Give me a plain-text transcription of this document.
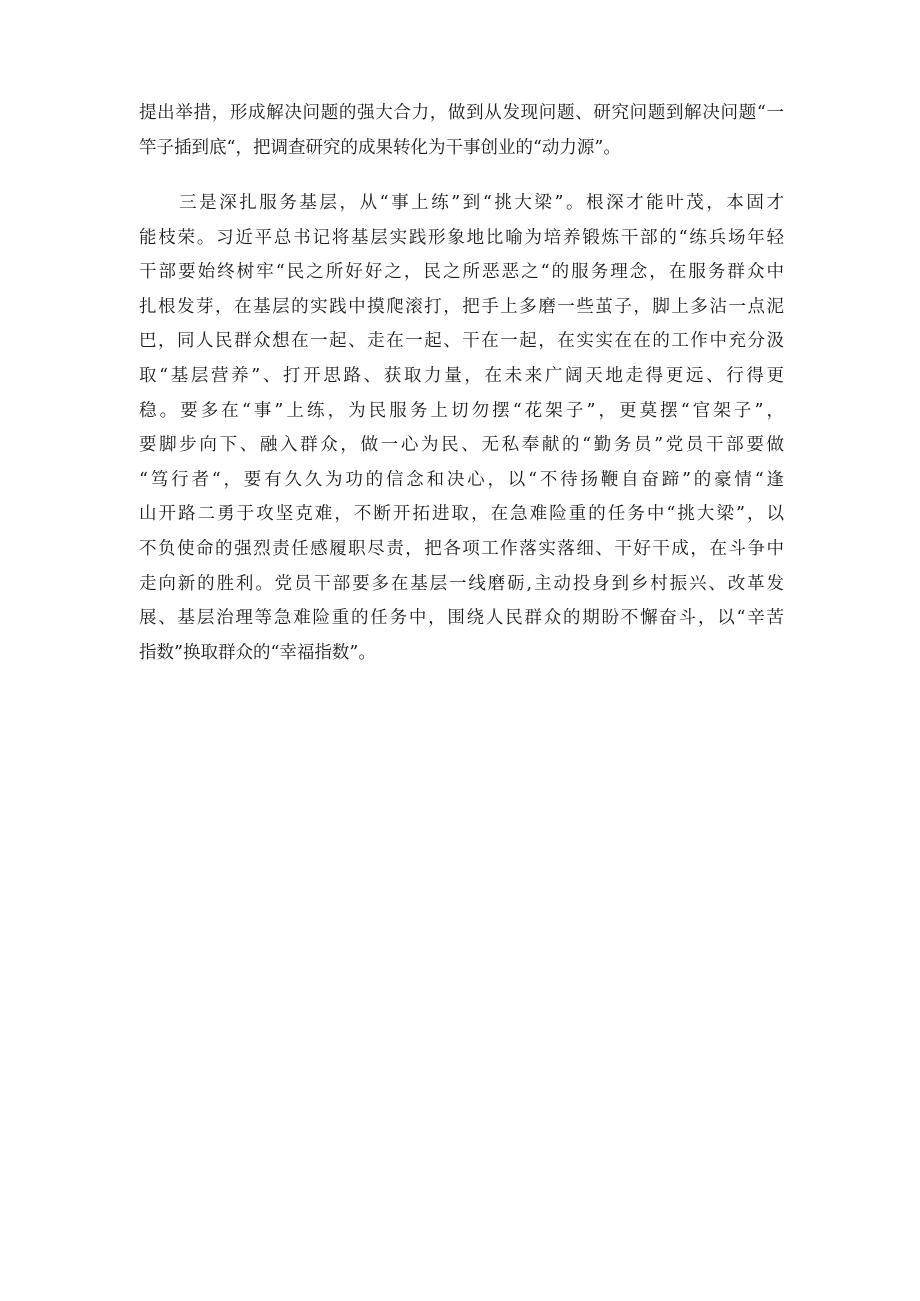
提出举措，形成解决问题的强大合力，做到从发现问题、研究问题到解决问题“一
竿子插到底“，把调查研究的成果转化为干事创业的“动力源”。
　　三是深扎服务基层，从“事上练”到“挑大梁”。根深才能叶茂，本固才
能枝荣。习近平总书记将基层实践形象地比喻为培养锻炼干部的“练兵场年轻
干部要始终树牢“民之所好好之，民之所恶恶之“的服务理念，在服务群众中
扎根发芽，在基层的实践中摸爬滚打，把手上多磨一些茧子，脚上多沾一点泥
巴，同人民群众想在一起、走在一起、干在一起，在实实在在的工作中充分汲
取“基层营养”、打开思路、获取力量，在未来广阔天地走得更远、行得更
稳。要多在“事”上练，为民服务上切勿摆“花架子”，更莫摆“官架子”，
要脚步向下、融入群众，做一心为民、无私奉献的“勤务员”党员干部要做
“笃行者“，要有久久为功的信念和决心，以“不待扬鞭自奋蹄”的豪情“逢
山开路二勇于攻坚克难，不断开拓进取，在急难险重的任务中“挑大梁”，以
不负使命的强烈责任感履职尽责，把各项工作落实落细、干好干成，在斗争中
走向新的胜利。党员干部要多在基层一线磨砺,主动投身到乡村振兴、改革发
展、基层治理等急难险重的任务中，围绕人民群众的期盼不懈奋斗，以“辛苦
指数”换取群众的“幸福指数”。
